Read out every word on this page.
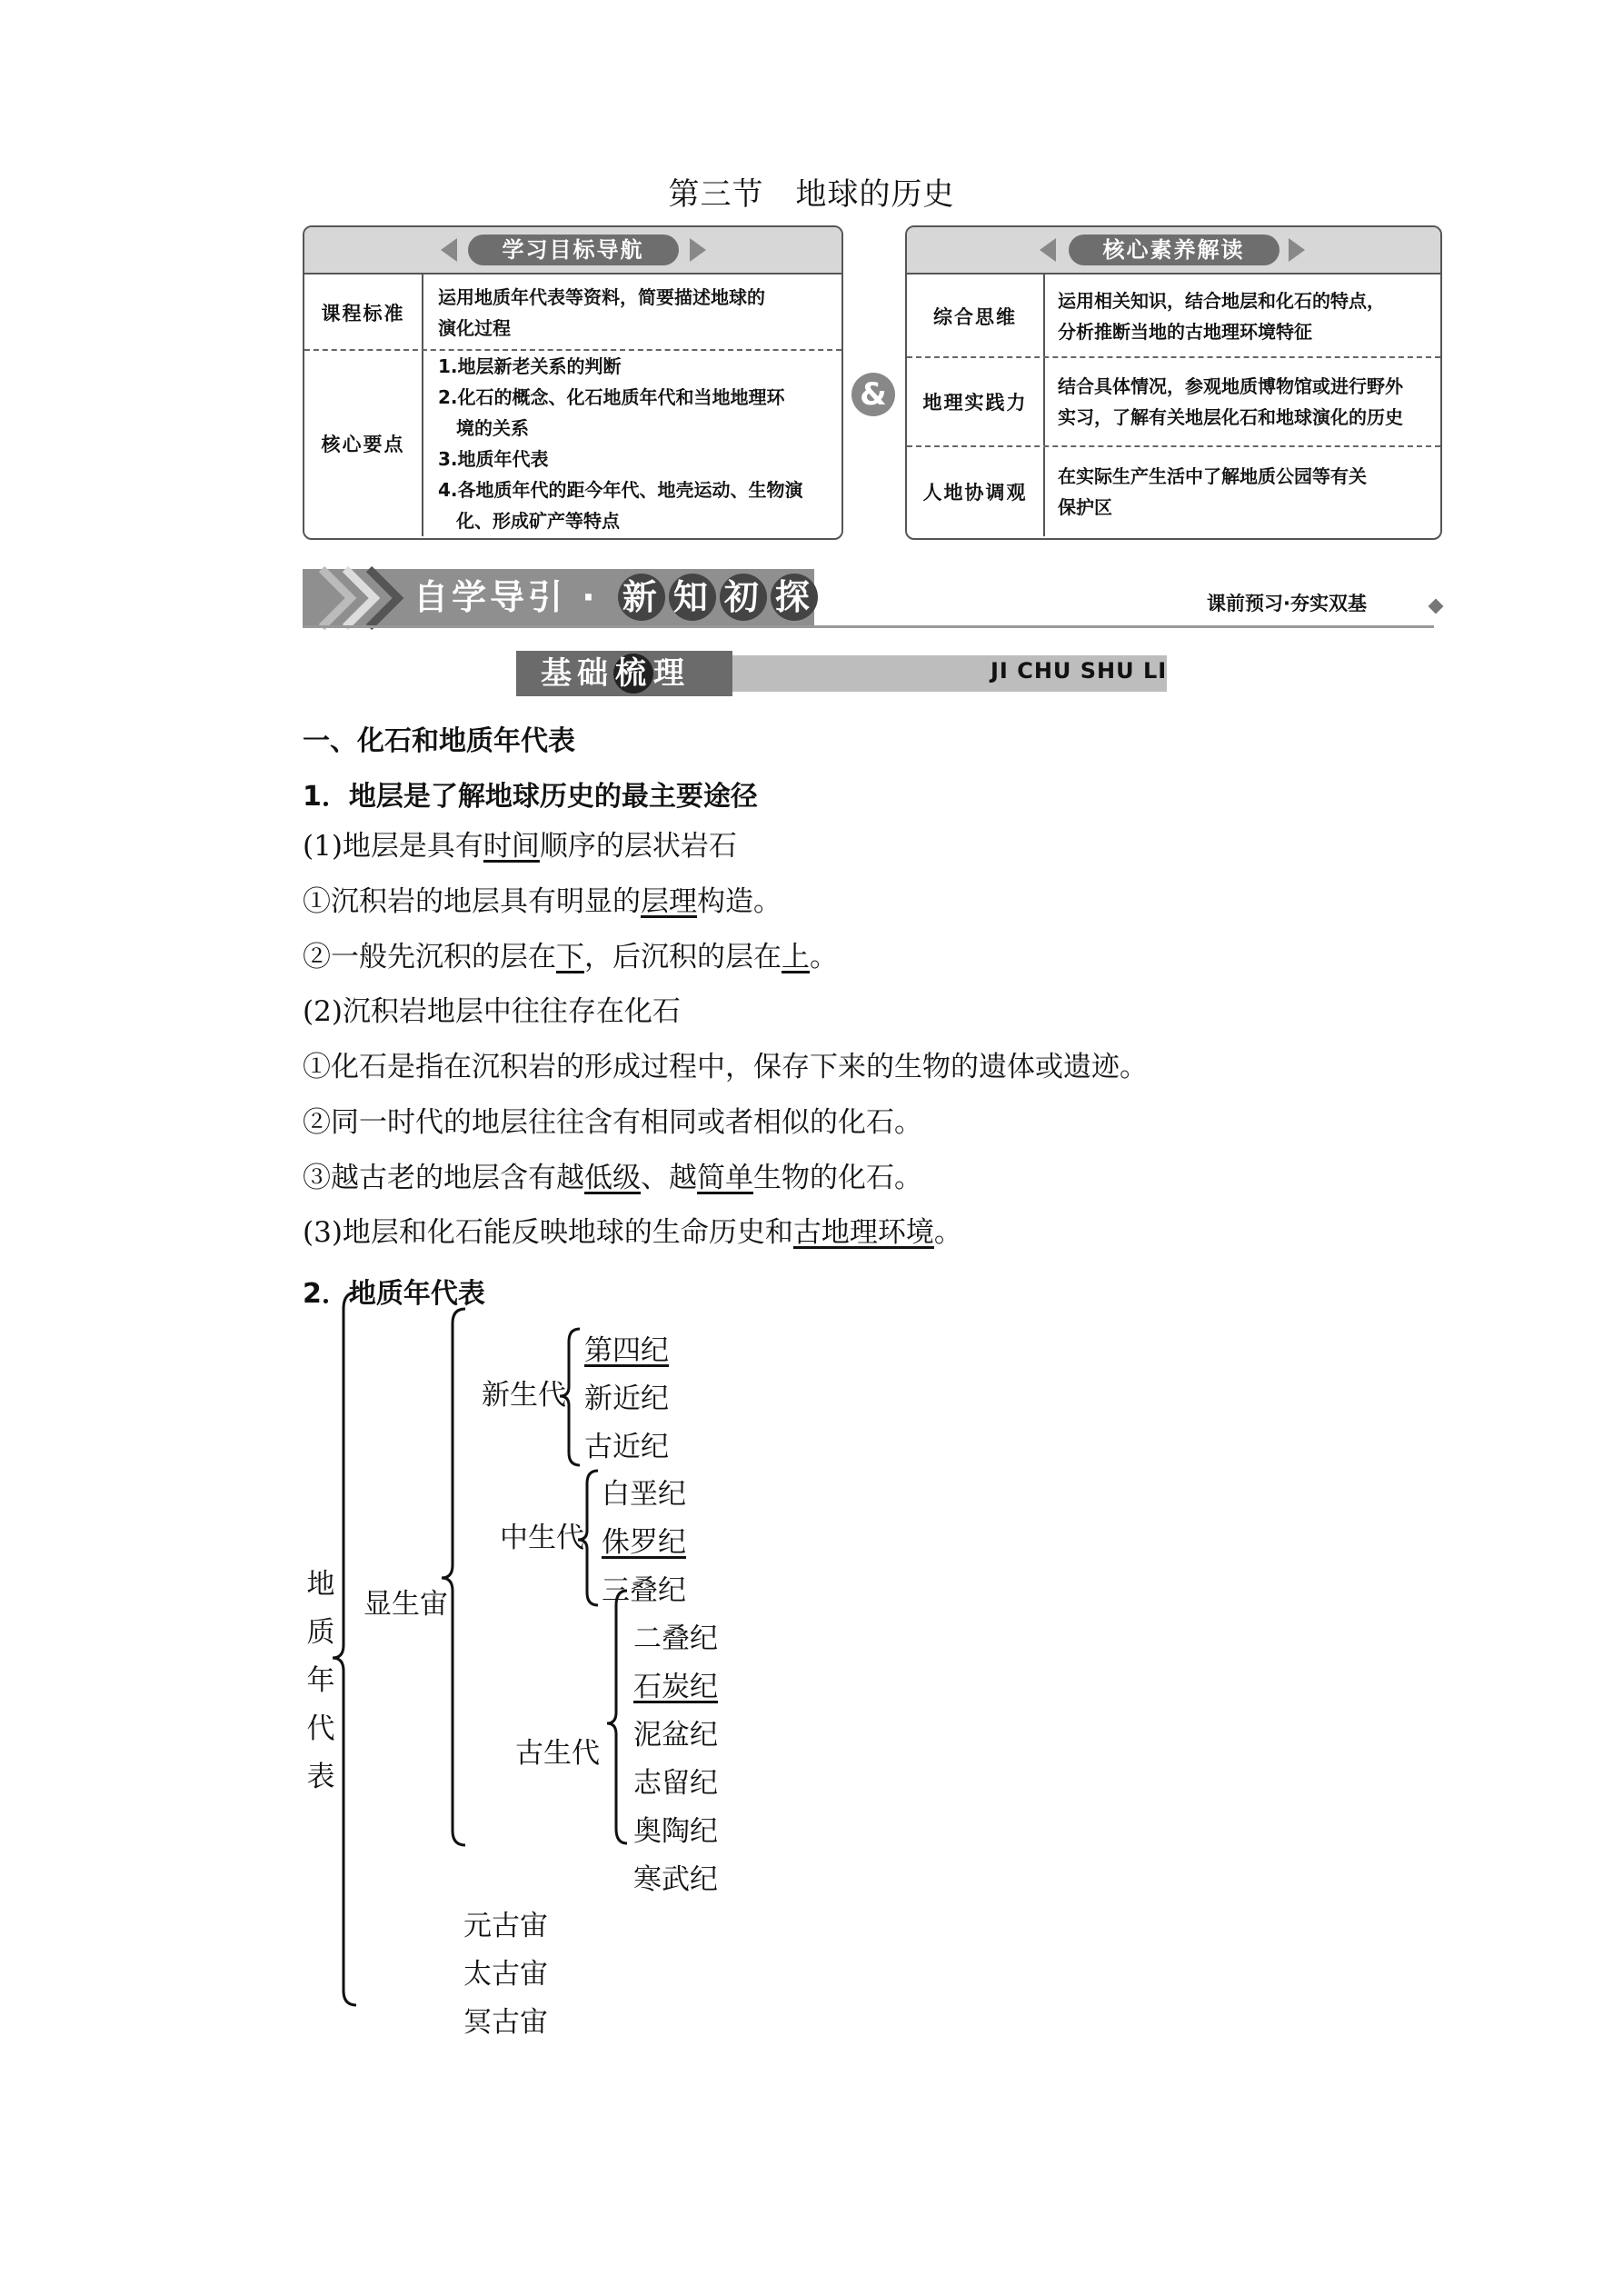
第三节　地球的历史
学习目标导航
课程标准
运用地质年代表等资料，简要描述地球的
演化过程
核心要点
1.地层新老关系的判断
2.化石的概念、化石地质年代和当地地理环
　境的关系
3.地质年代表
4.各地质年代的距今年代、地壳运动、生物演
　化、形成矿产等特点
&
核心素养解读
综合思维
运用相关知识，结合地层和化石的特点，
分析推断当地的古地理环境特征
地理实践力
结合具体情况，参观地质博物馆或进行野外
实习，了解有关地层化石和地球演化的历史
人地协调观
在实际生产生活中了解地质公园等有关
保护区
自学导引 · 新 知 初 探	课前预习·夯实双基
基础梳理	JI CHU SHU LI
一、化石和地质年代表
1．地层是了解地球历史的最主要途径
(1)地层是具有时间顺序的层状岩石
①沉积岩的地层具有明显的层理构造。
②一般先沉积的层在下，后沉积的层在上。
(2)沉积岩地层中往往存在化石
①化石是指在沉积岩的形成过程中，保存下来的生物的遗体或遗迹。
②同一时代的地层往往含有相同或者相似的化石。
③越古老的地层含有越低级、越简单生物的化石。
(3)地层和化石能反映地球的生命历史和古地理环境。
2．地质年代表
地
质
年
代
表
显生宙
新生代
第四纪
新近纪
古近纪
中生代
白垩纪
侏罗纪
三叠纪
古生代
二叠纪
石炭纪
泥盆纪
志留纪
奥陶纪
寒武纪
元古宙
太古宙
冥古宙
